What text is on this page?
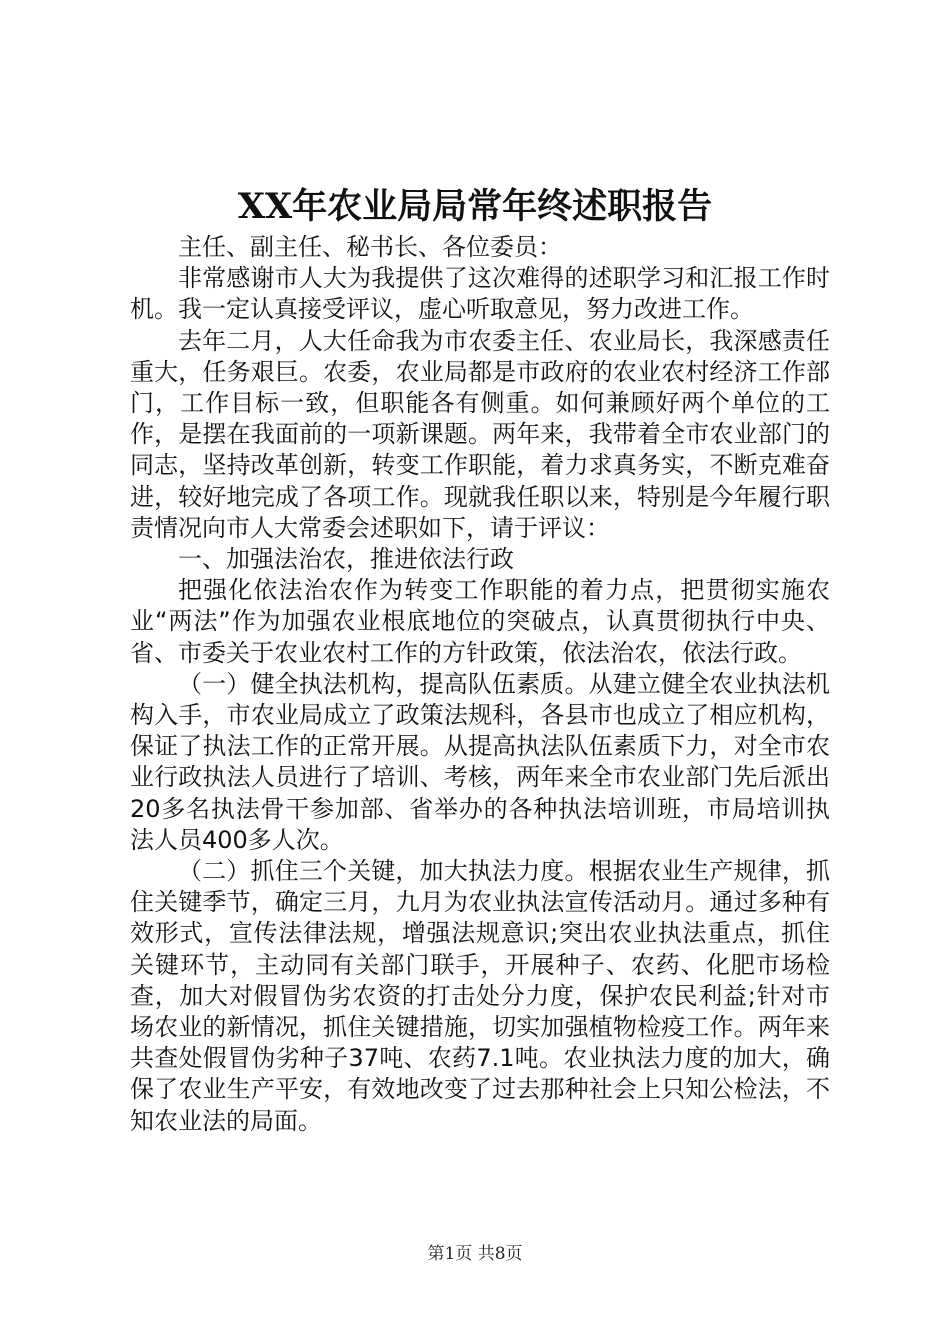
XX年农业局局常年终述职报告

主任、副主任、秘书长、各位委员：

非常感谢市人大为我提供了这次难得的述职学习和汇报工作时机。我一定认真接受评议，虚心听取意见，努力改进工作。

去年二月，人大任命我为市农委主任、农业局长，我深感责任重大，任务艰巨。农委，农业局都是市政府的农业农村经济工作部门，工作目标一致，但职能各有侧重。如何兼顾好两个单位的工作，是摆在我面前的一项新课题。两年来，我带着全市农业部门的同志，坚持改革创新，转变工作职能，着力求真务实，不断克难奋进，较好地完成了各项工作。现就我任职以来，特别是今年履行职责情况向市人大常委会述职如下，请于评议：

一、加强法治农，推进依法行政

把强化依法治农作为转变工作职能的着力点，把贯彻实施农业“两法”作为加强农业根底地位的突破点，认真贯彻执行中央、省、市委关于农业农村工作的方针政策，依法治农，依法行政。

（一）健全执法机构，提高队伍素质。从建立健全农业执法机构入手，市农业局成立了政策法规科，各县市也成立了相应机构，保证了执法工作的正常开展。从提高执法队伍素质下力，对全市农业行政执法人员进行了培训、考核，两年来全市农业部门先后派出20多名执法骨干参加部、省举办的各种执法培训班，市局培训执法人员400多人次。

（二）抓住三个关键，加大执法力度。根据农业生产规律，抓住关键季节，确定三月，九月为农业执法宣传活动月。通过多种有效形式，宣传法律法规，增强法规意识;突出农业执法重点，抓住关键环节，主动同有关部门联手，开展种子、农药、化肥市场检查，加大对假冒伪劣农资的打击处分力度，保护农民利益;针对市场农业的新情况，抓住关键措施，切实加强植物检疫工作。两年来共查处假冒伪劣种子37吨、农药7.1吨。农业执法力度的加大，确保了农业生产平安，有效地改变了过去那种社会上只知公检法，不知农业法的局面。

第1页 共8页
